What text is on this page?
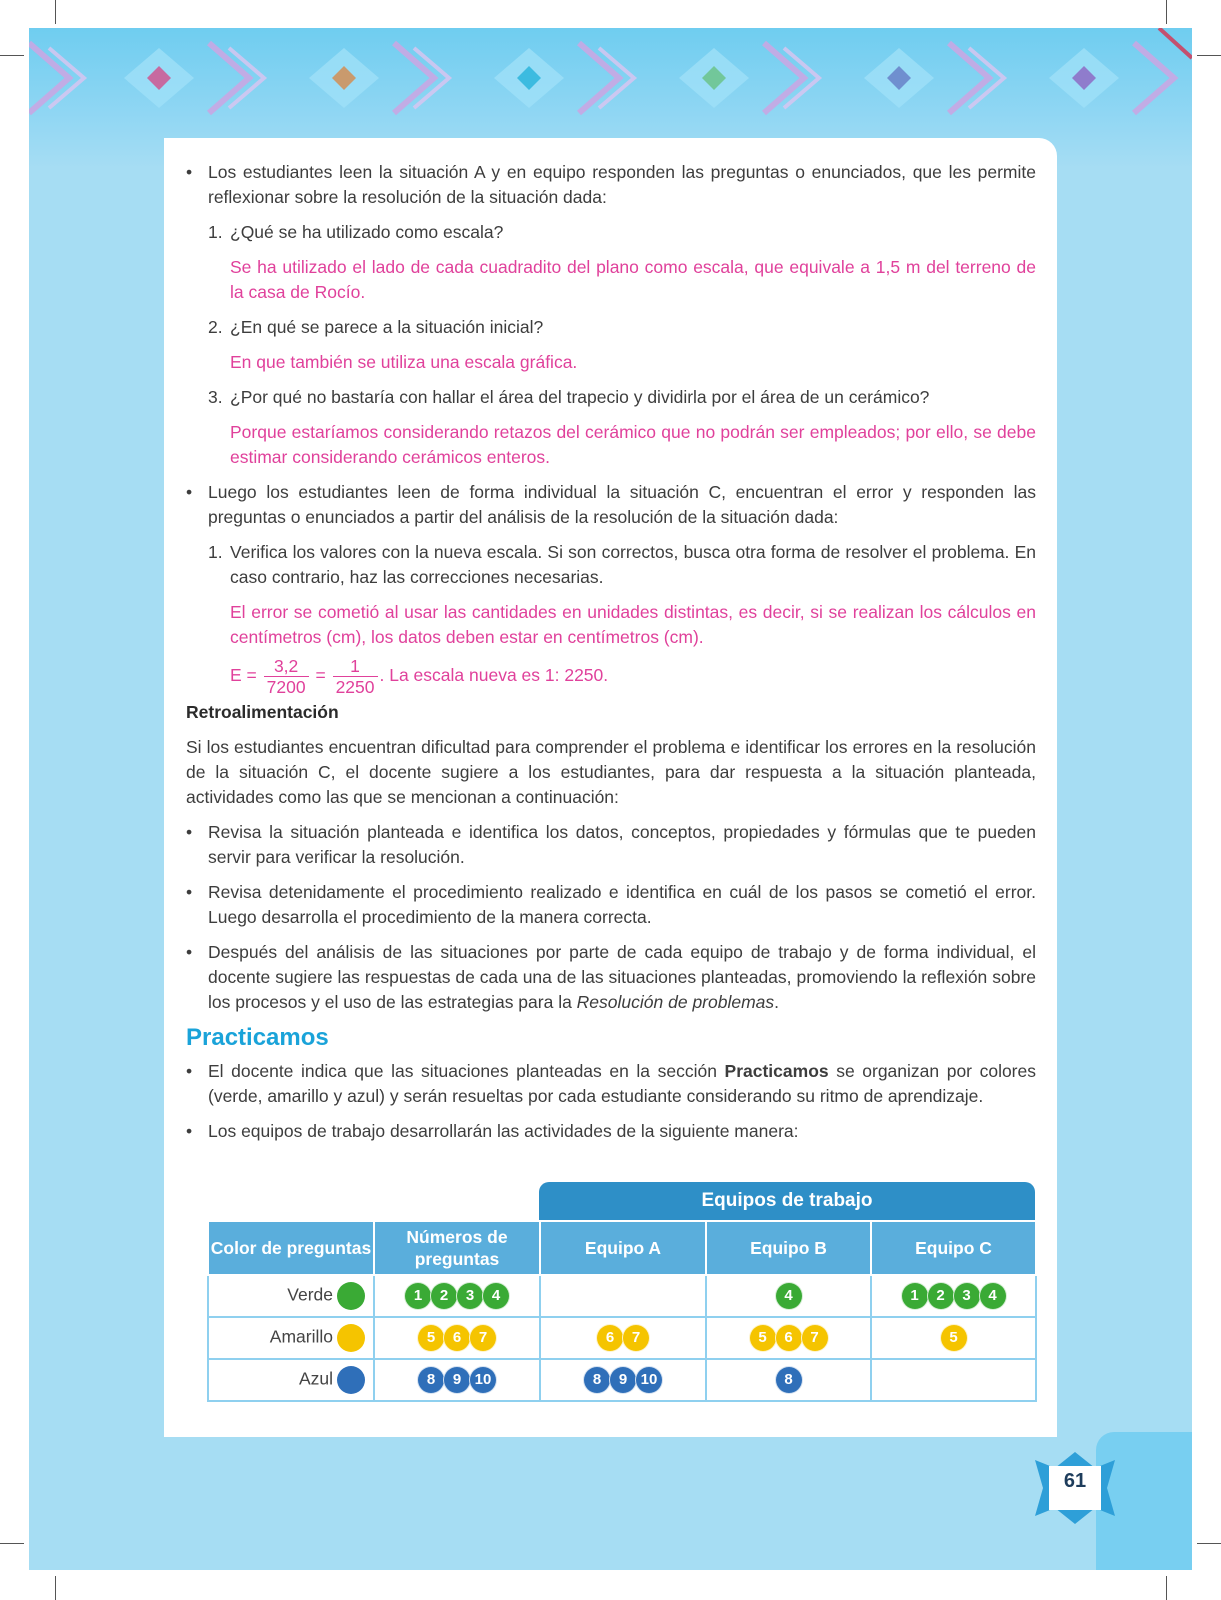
• Los estudiantes leen la situación A y en equipo responden las preguntas o enunciados, que les permite reflexionar sobre la resolución de la situación dada:

1. ¿Qué se ha utilizado como escala?

Se ha utilizado el lado de cada cuadradito del plano como escala, que equivale a 1,5 m del terreno de la casa de Rocío.

2. ¿En qué se parece a la situación inicial?

En que también se utiliza una escala gráfica.

3. ¿Por qué no bastaría con hallar el área del trapecio y dividirla por el área de un cerámico?

Porque estaríamos considerando retazos del cerámico que no podrán ser empleados; por ello, se debe estimar considerando cerámicos enteros.

• Luego los estudiantes leen de forma individual la situación C, encuentran el error y responden las preguntas o enunciados a partir del análisis de la resolución de la situación dada:

1. Verifica los valores con la nueva escala. Si son correctos, busca otra forma de resolver el problema. En caso contrario, haz las correcciones necesarias.

El error se cometió al usar las cantidades en unidades distintas, es decir, si se realizan los cálculos en centímetros (cm), los datos deben estar en centímetros (cm).

$E = \frac{3,2}{7200} = \frac{1}{2250}$ . La escala nueva es 1: 2250.

Retroalimentación

Si los estudiantes encuentran dificultad para comprender el problema e identificar los errores en la resolución de la situación C, el docente sugiere a los estudiantes, para dar respuesta a la situación planteada, actividades como las que se mencionan a continuación:

• Revisa la situación planteada e identifica los datos, conceptos, propiedades y fórmulas que te pueden servir para verificar la resolución.

• Revisa detenidamente el procedimiento realizado e identifica en cuál de los pasos se cometió el error. Luego desarrolla el procedimiento de la manera correcta.

• Después del análisis de las situaciones por parte de cada equipo de trabajo y de forma individual, el docente sugiere las respuestas de cada una de las situaciones planteadas, promoviendo la reflexión sobre los procesos y el uso de las estrategias para la Resolución de problemas.

Practicamos

• El docente indica que las situaciones planteadas en la sección Practicamos se organizan por colores (verde, amarillo y azul) y serán resueltas por cada estudiante considerando su ritmo de aprendizaje.

• Los equipos de trabajo desarrollarán las actividades de la siguiente manera:

Equipos de trabajo
Color de preguntas	Números de preguntas	Equipo A	Equipo B	Equipo C
Verde	1 2 3 4		4	1 2 3 4
Amarillo	5 6 7	6 7	5 6 7	5
Azul	8 9 10	8 9 10	8	
61
